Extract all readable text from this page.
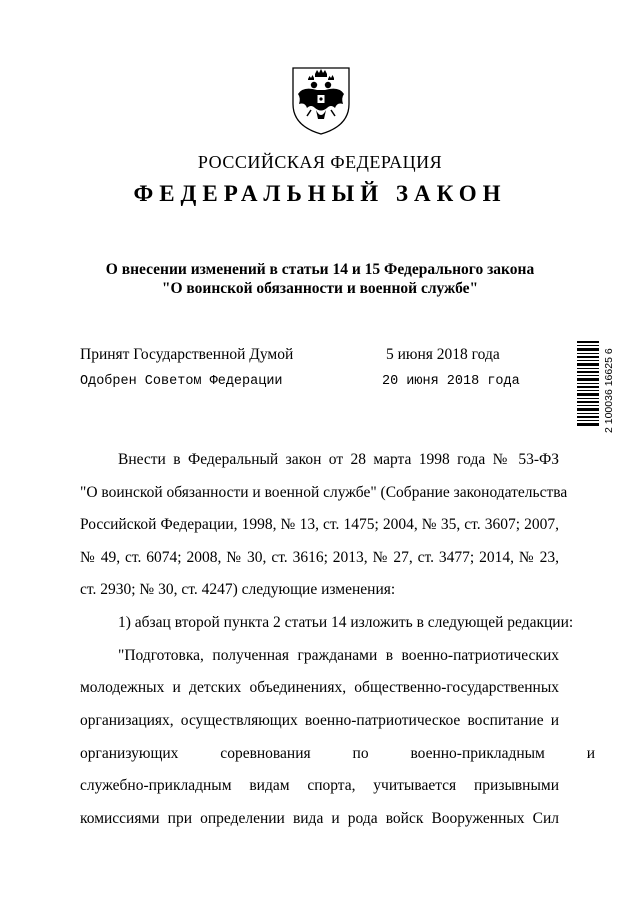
РОССИЙСКАЯ ФЕДЕРАЦИЯ
ФЕДЕРАЛЬНЫЙ ЗАКОН
О внесении изменений в статьи 14 и 15 Федерального закона
"О воинской обязанности и военной службе"
Принят Государственной Думой	5 июня 2018 года
Одобрен Советом Федерации	20 июня 2018 года	2 100036 16625 6
Внести в Федеральный закон от 28 марта 1998 года № 53-ФЗ
"О воинской обязанности и военной службе" (Собрание законодательства
Российской Федерации, 1998, № 13, ст. 1475; 2004, № 35, ст. 3607; 2007,
№ 49, ст. 6074; 2008, № 30, ст. 3616; 2013, № 27, ст. 3477; 2014, № 23,
ст. 2930; № 30, ст. 4247) следующие изменения:
1) абзац второй пункта 2 статьи 14 изложить в следующей редакции:
"Подготовка, полученная гражданами в военно-патриотических
молодежных и детских объединениях, общественно-государственных
организациях, осуществляющих военно-патриотическое воспитание и
организующих соревнования по военно-прикладным и
служебно-прикладным видам спорта, учитывается призывными
комиссиями при определении вида и рода войск Вооруженных Сил
